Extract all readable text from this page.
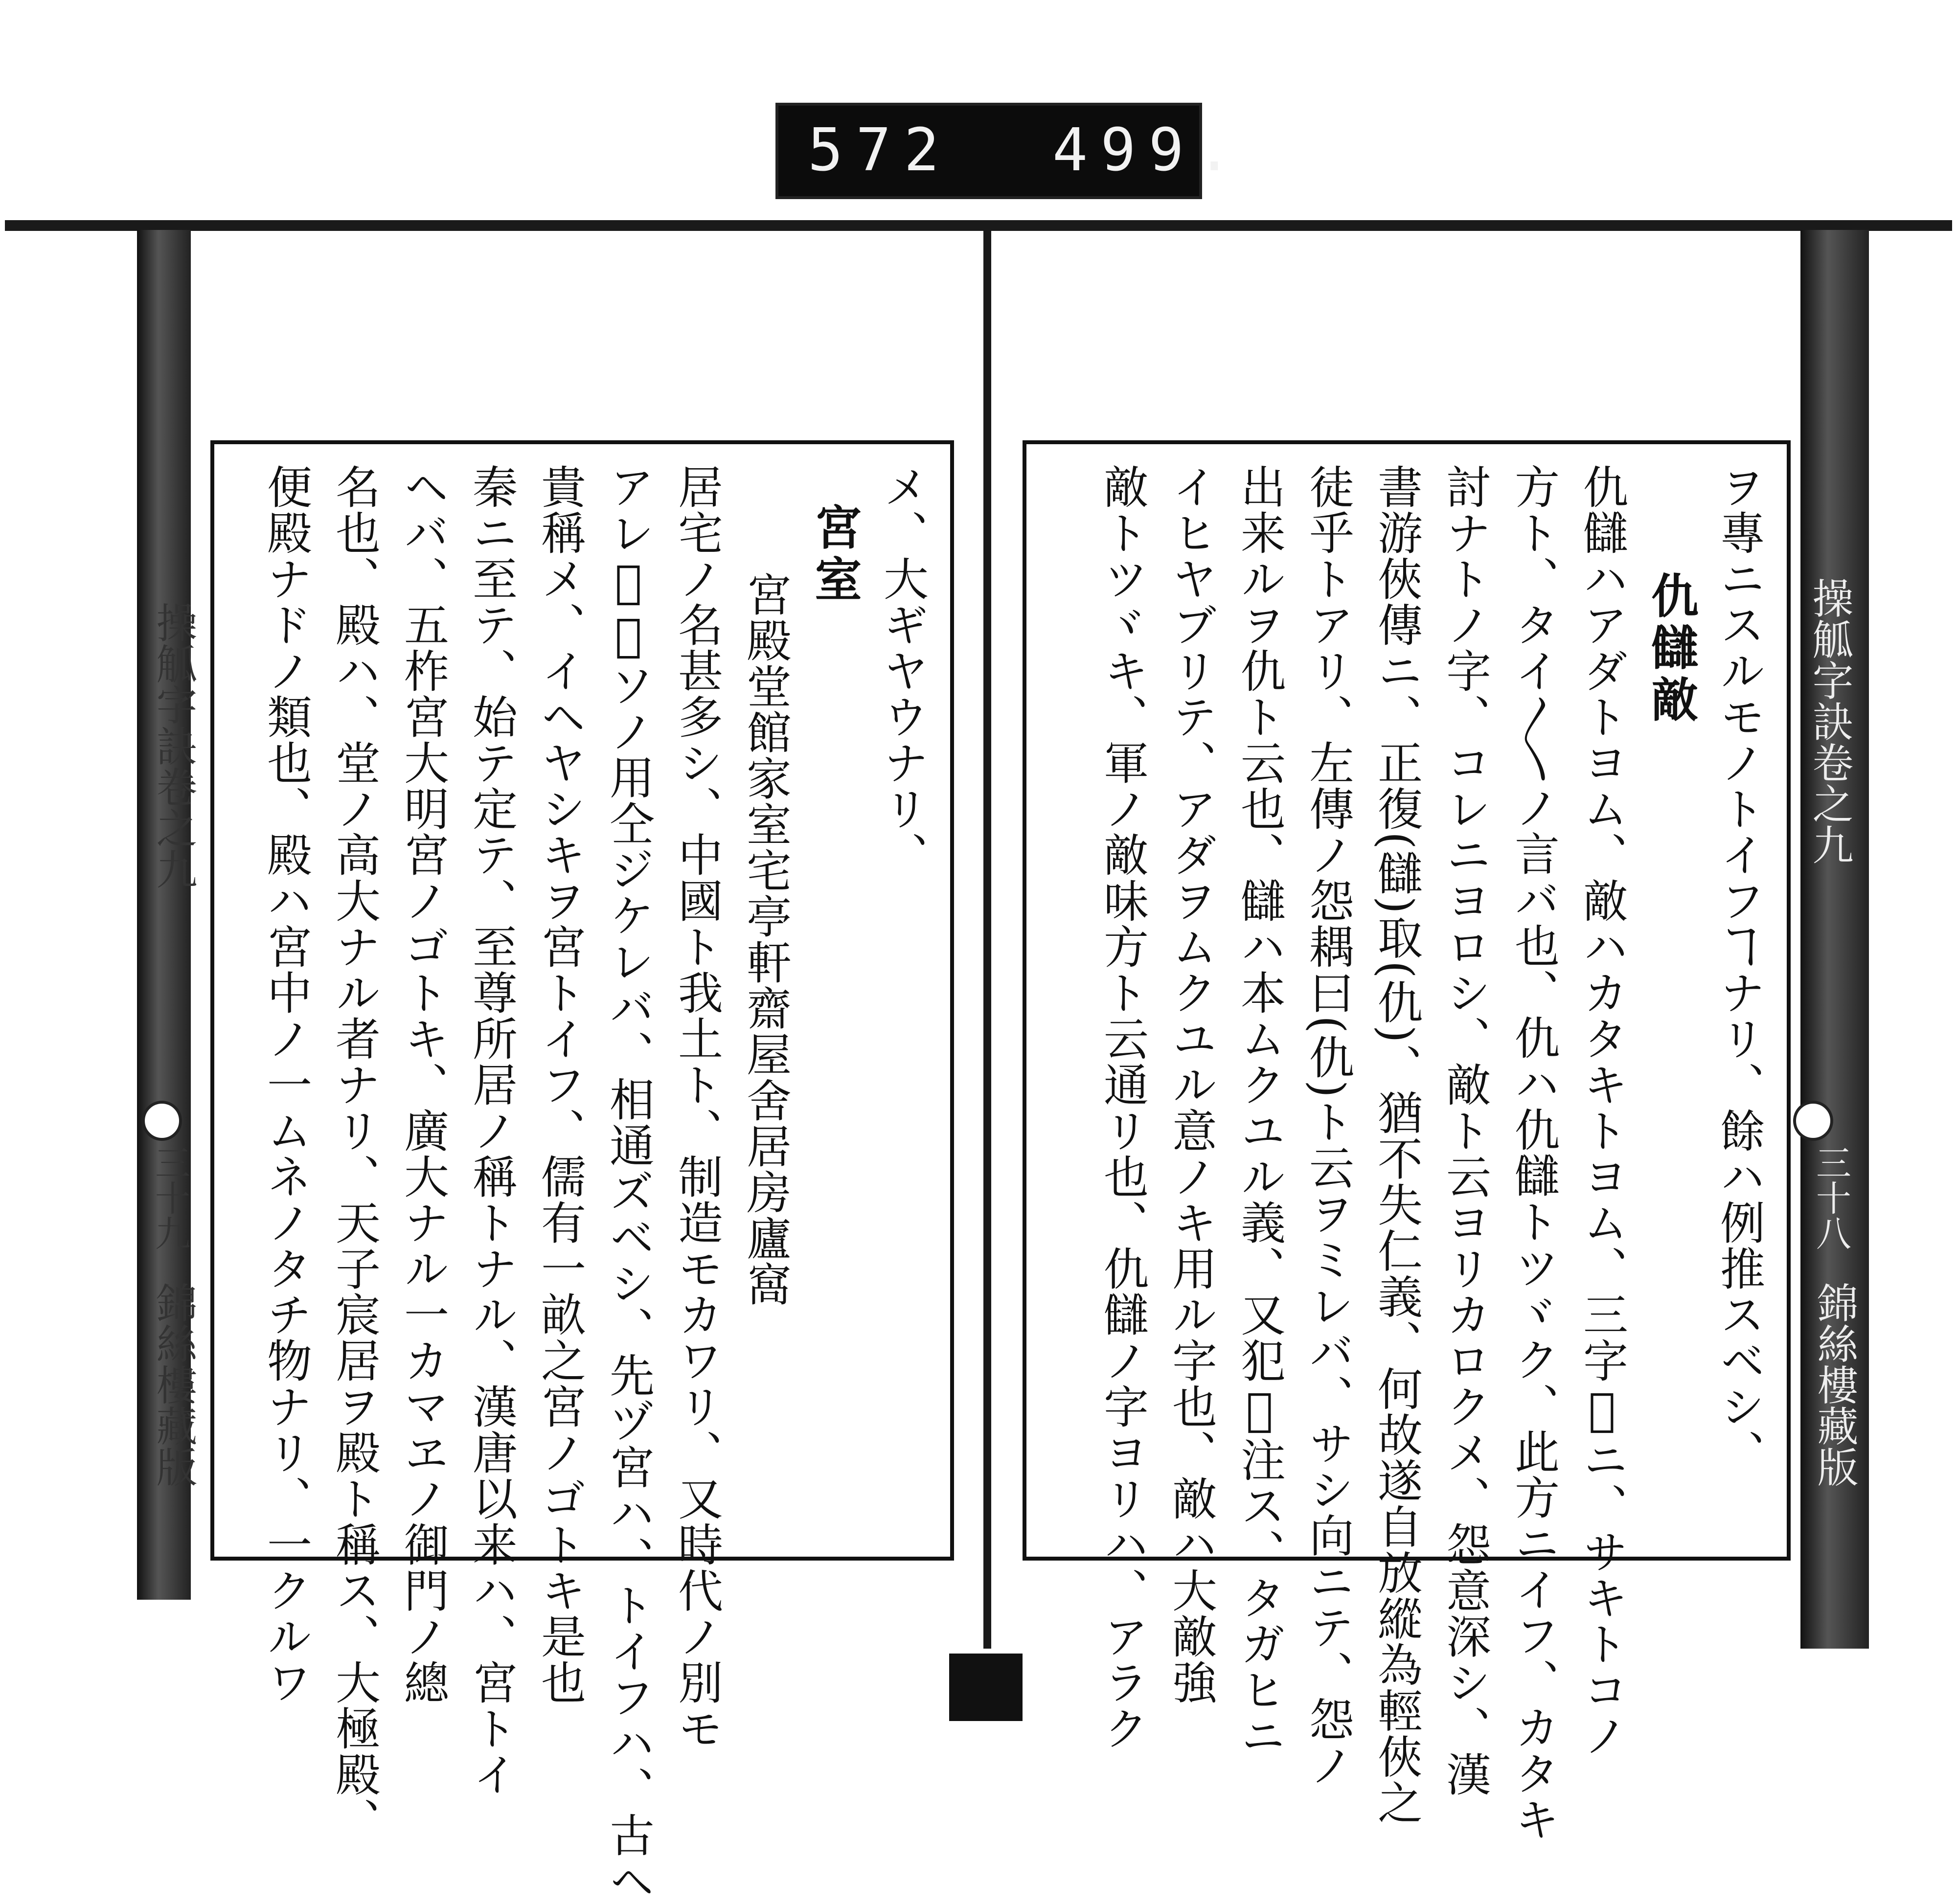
572 499.
操觚字訣卷之九
三十九
錦絲樓藏版
メ、大ギヤウナリ、
宮室
宮殿堂館家室宅亭軒齋屋舍居房廬窩
居宅ノ名甚多シ、中國ト我土ト、制造モカワリ、又時代ノ別モ
アレ𪜈、ソノ用仝ジケレバ、相通ズベシ、先ヅ宮ハ、トイフハ、古ヘ
貴稱メ、イヘヤシキヲ宮トイフ、儒有一畝之宮ノゴトキ是也
秦ニ至テ、始テ定テ、至尊所居ノ稱トナル、漢唐以来ハ、宮トイ
ヘバ、五柞宮大明宮ノゴトキ、廣大ナル一カマヱノ御門ノ總
名也、殿ハ、堂ノ高大ナル者ナリ、天子宸居ヲ殿ト稱ス、大極殿、
便殿ナドノ類也、殿ハ宮中ノ一ムネノタチ物ナリ、一クルワ	操觚字訣卷之九
三十八
錦絲樓藏版
ヲ專ニスルモノトイフヿナリ、餘ハ例推スベシ、
仇讎敵
仇讎ハアダトヨム、敵ハカタキトヨム、三字𪜈ニ、サキトコノ
方ト、タイ〱ノ言バ也、仇ハ仇讎トツヾク、此方ニイフ、カタキ
討ナトノ字、コレニヨロシ、敵ト云ヨリカロクメ、怨意深シ、漢
書游俠傳ニ、正復(讎)取(仇)、猶不失仁義、何故遂自放縱為輕俠之
徒乎トアリ、左傳ノ怨耦曰(仇)ト云ヲミレバ、サシ向ニテ、怨ノ
出来ルヲ仇ト云也、讎ハ本ムクユル義、又犯𪜈注ス、タガヒニ
イヒヤブリテ、アダヲムクユル意ノキ用ル字也、敵ハ大敵強
敵トツヾキ、軍ノ敵味方ト云通リ也、仇讎ノ字ヨリハ、アラク
